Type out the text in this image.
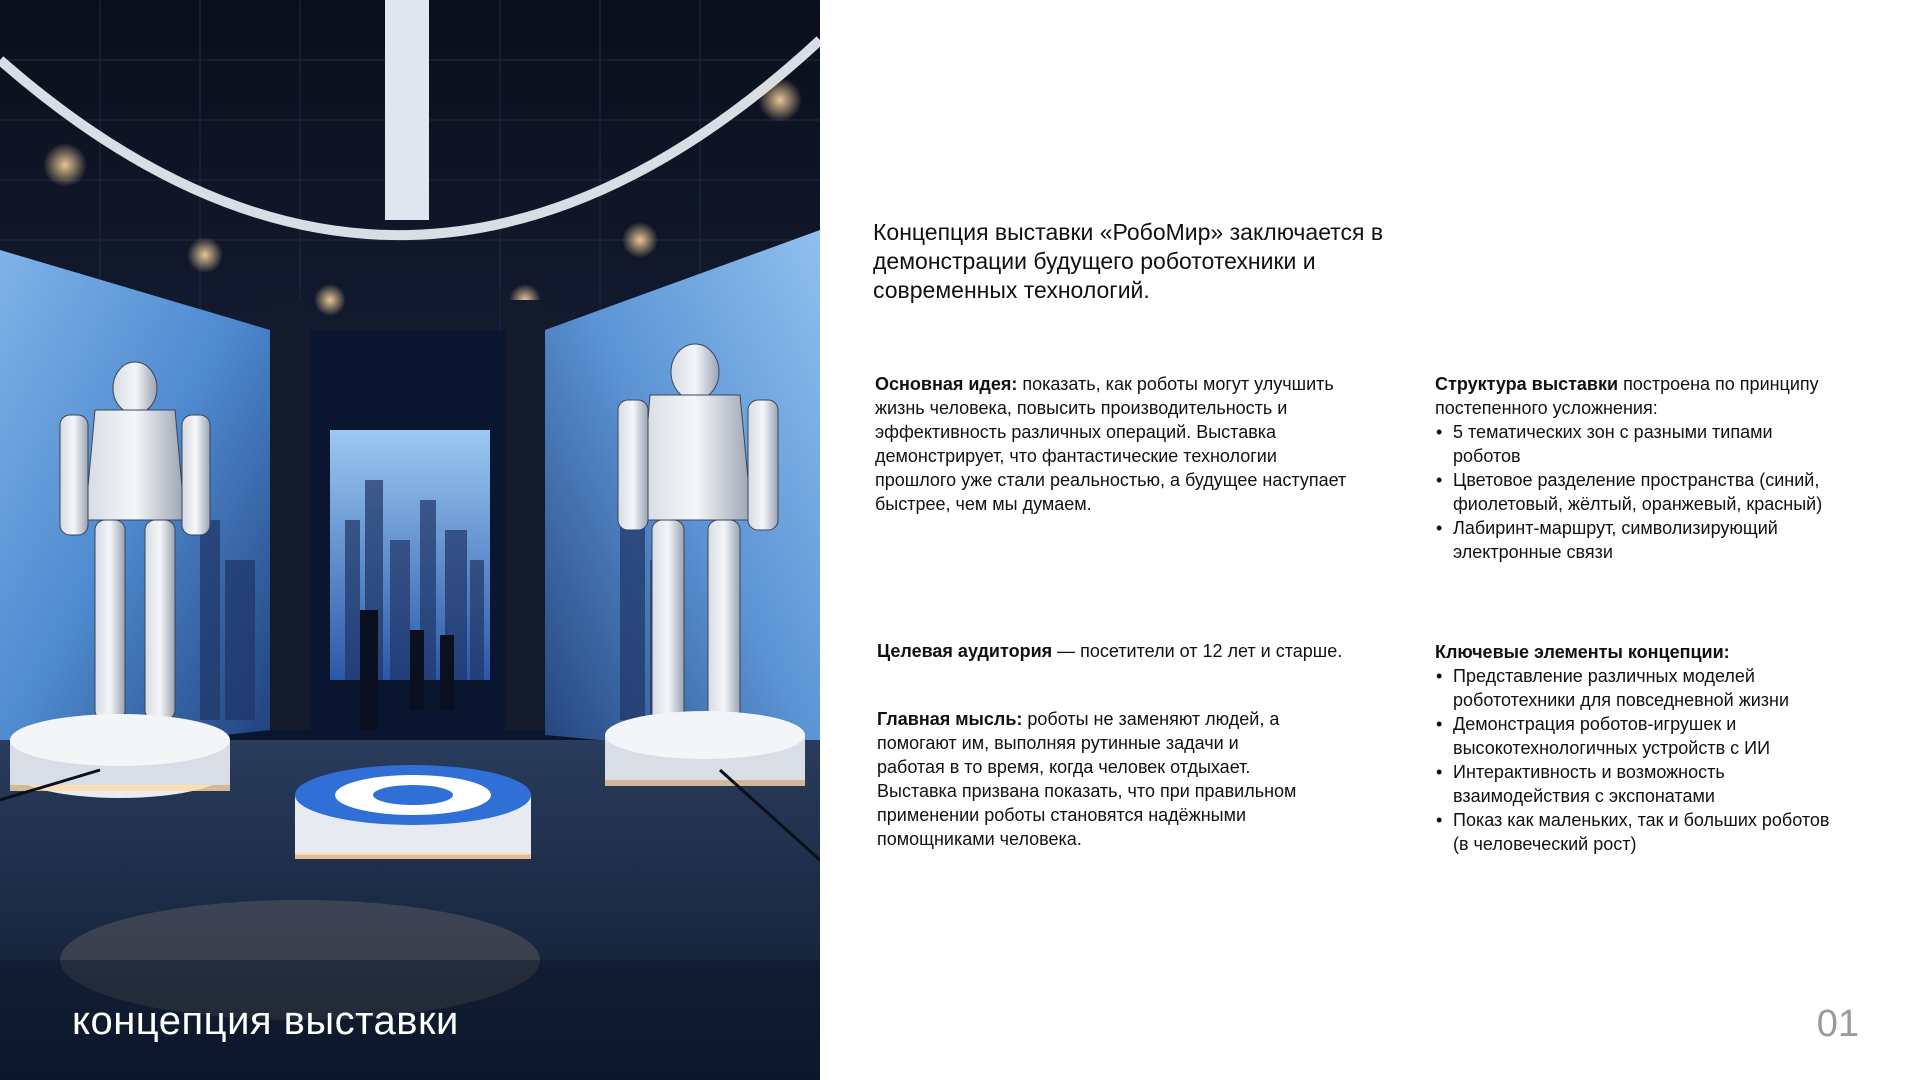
концепция выставки
Концепция выставки «РобоМир» заключается в демонстрации будущего робототехники и современных технологий.
Основная идея: показать, как роботы могут улучшить жизнь человека, повысить производительность и эффективность различных операций. Выставка демонстрирует, что фантастические технологии прошлого уже стали реальностью, а будущее наступает быстрее, чем мы думаем.
Структура выставки построена по принципу постепенного усложнения:
• 5 тематических зон с разными типами роботов
• Цветовое разделение пространства (синий, фиолетовый, жёлтый, оранжевый, красный)
• Лабиринт-маршрут, символизирующий электронные связи
Целевая аудитория — посетители от 12 лет и старше.
Главная мысль: роботы не заменяют людей, а помогают им, выполняя рутинные задачи и работая в то время, когда человек отдыхает. Выставка призвана показать, что при правильном применении роботы становятся надёжными помощниками человека.
Ключевые элементы концепции:
• Представление различных моделей робототехники для повседневной жизни
• Демонстрация роботов-игрушек и высокотехнологичных устройств с ИИ
• Интерактивность и возможность взаимодействия с экспонатами
• Показ как маленьких, так и больших роботов (в человеческий рост)
01
